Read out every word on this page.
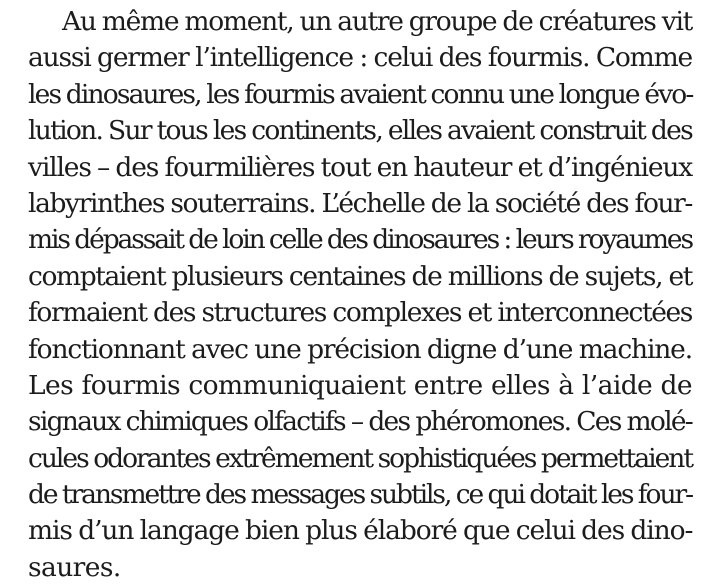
Au même moment, un autre groupe de créatures vit
aussi germer l’intelligence : celui des fourmis. Comme
les dinosaures, les fourmis avaient connu une longue évo-
lution. Sur tous les continents, elles avaient construit des
villes – des fourmilières tout en hauteur et d’ingénieux
labyrinthes souterrains. L’échelle de la société des four-
mis dépassait de loin celle des dinosaures : leurs royaumes
comptaient plusieurs centaines de millions de sujets, et
formaient des structures complexes et interconnectées
fonctionnant avec une précision digne d’une machine.
Les fourmis communiquaient entre elles à l’aide de
signaux chimiques olfactifs – des phéromones. Ces molé-
cules odorantes extrêmement sophistiquées permettaient
de transmettre des messages subtils, ce qui dotait les four-
mis d’un langage bien plus élaboré que celui des dino-
saures.
